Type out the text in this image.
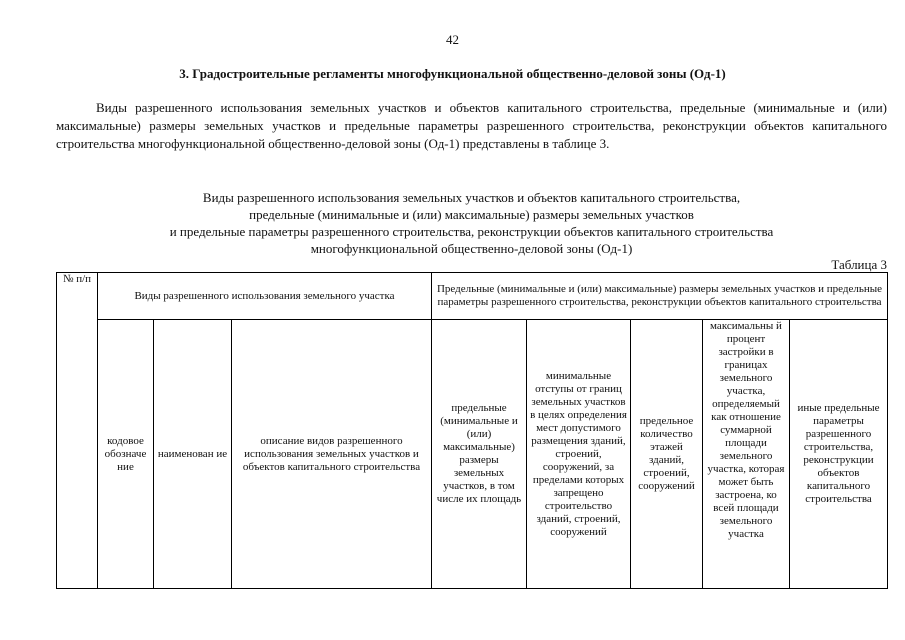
42
3. Градостроительные регламенты многофункциональной общественно-деловой зоны (Од-1)
Виды разрешенного использования земельных участков и объектов капитального строительства, предельные (минимальные и (или) максимальные) размеры земельных участков и предельные параметры разрешенного строительства, реконструкции объектов капитального строительства многофункциональной общественно-деловой зоны (Од-1) представлены в таблице 3.
Виды разрешенного использования земельных участков и объектов капитального строительства,
предельные (минимальные и (или) максимальные) размеры земельных участков
и предельные параметры разрешенного строительства, реконструкции объектов капитального строительства
многофункциональной общественно-деловой зоны (Од-1)
Таблица 3
№ п/п	Виды разрешенного использования земельного участка			Предельные (минимальные и (или) максимальные) размеры земельных участков и предельные параметры разрешенного строительства, реконструкции объектов капитального строительства				
	кодовое обозначе ние	наименован ие	описание видов разрешенного использования земельных участков и объектов капитального строительства	предельные (минимальные и (или) максимальные) размеры земельных участков, в том числе их площадь	минимальные отступы от границ земельных участков в целях определения мест допустимого размещения зданий, строений, сооружений, за пределами которых запрещено строительство зданий, строений, сооружений	предельное количество этажей зданий, строений, сооружений	максимальны й процент застройки в границах земельного участка, определяемый как отношение суммарной площади земельного участка, которая может быть застроена, ко всей площади земельного участка	иные предельные параметры разрешенного строительства, реконструкции объектов капитального строительства
